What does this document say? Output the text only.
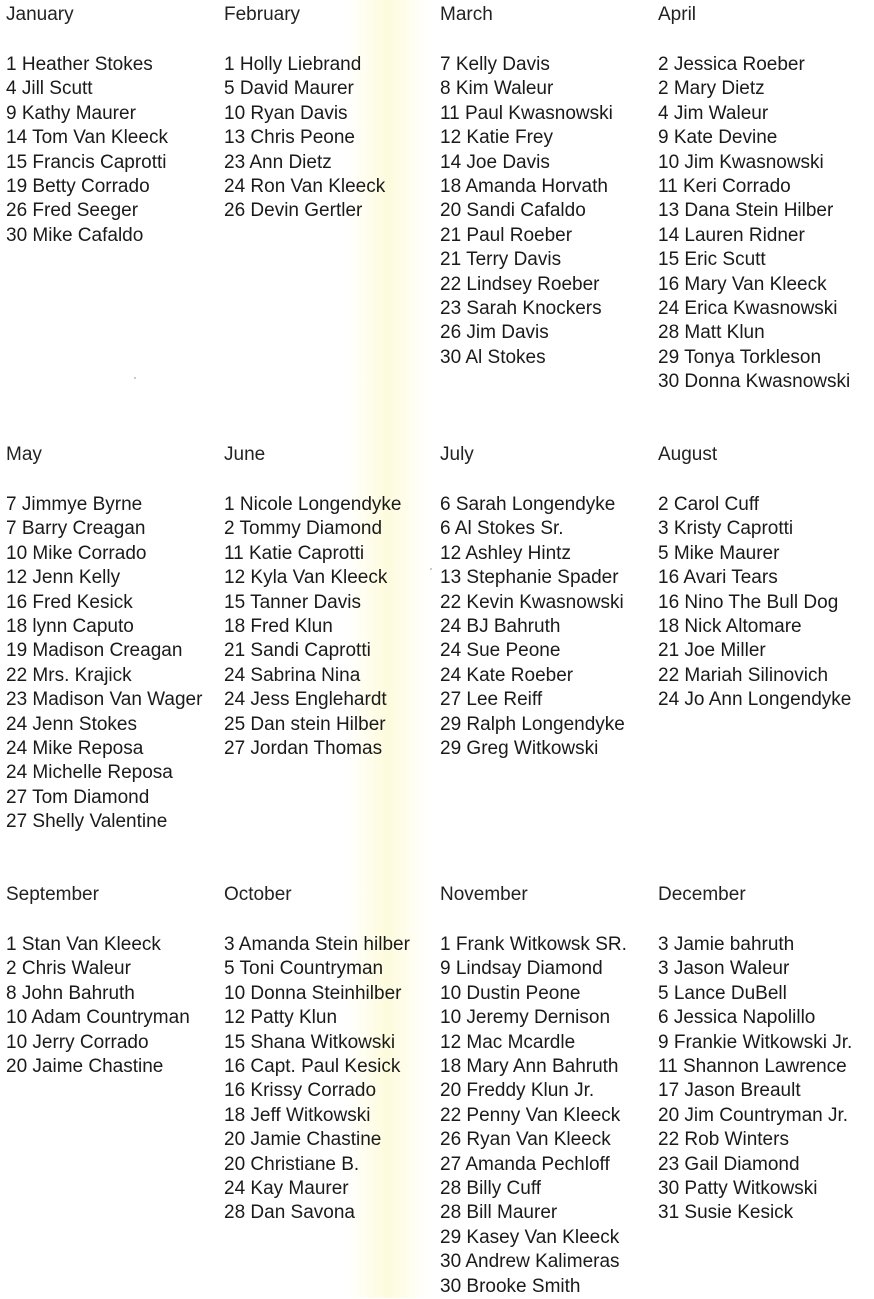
January
1 Heather Stokes
4 Jill Scutt
9 Kathy Maurer
14 Tom Van Kleeck
15 Francis Caprotti
19 Betty Corrado
26 Fred Seeger
30 Mike Cafaldo
February
1 Holly Liebrand
5 David Maurer
10 Ryan Davis
13 Chris Peone
23 Ann Dietz
24 Ron Van Kleeck
26 Devin Gertler
March
7 Kelly Davis
8 Kim Waleur
11 Paul Kwasnowski
12 Katie Frey
14 Joe Davis
18 Amanda Horvath
20 Sandi Cafaldo
21 Paul Roeber
21 Terry Davis
22 Lindsey Roeber
23 Sarah Knockers
26 Jim Davis
30 Al Stokes
April
2 Jessica Roeber
2 Mary Dietz
4 Jim Waleur
9 Kate Devine
10 Jim Kwasnowski
11 Keri Corrado
13 Dana Stein Hilber
14 Lauren Ridner
15 Eric Scutt
16 Mary Van Kleeck
24 Erica Kwasnowski
28 Matt Klun
29 Tonya Torkleson
30 Donna Kwasnowski
May
7 Jimmye Byrne
7 Barry Creagan
10 Mike Corrado
12 Jenn Kelly
16 Fred Kesick
18 lynn Caputo
19 Madison Creagan
22 Mrs. Krajick
23 Madison Van Wager
24 Jenn Stokes
24 Mike Reposa
24 Michelle Reposa
27 Tom Diamond
27 Shelly Valentine
June
1 Nicole Longendyke
2 Tommy Diamond
11 Katie Caprotti
12 Kyla Van Kleeck
15 Tanner Davis
18 Fred Klun
21 Sandi Caprotti
24 Sabrina Nina
24 Jess Englehardt
25 Dan stein Hilber
27 Jordan Thomas
July
6 Sarah Longendyke
6 Al Stokes Sr.
12 Ashley Hintz
13 Stephanie Spader
22 Kevin Kwasnowski
24 BJ Bahruth
24 Sue Peone
24 Kate Roeber
27 Lee Reiff
29 Ralph Longendyke
29 Greg Witkowski
August
2 Carol Cuff
3 Kristy Caprotti
5 Mike Maurer
16 Avari Tears
16 Nino The Bull Dog
18 Nick Altomare
21 Joe Miller
22 Mariah Silinovich
24 Jo Ann Longendyke
September
1 Stan Van Kleeck
2 Chris Waleur
8 John Bahruth
10 Adam Countryman
10 Jerry Corrado
20 Jaime Chastine
October
3 Amanda Stein hilber
5 Toni Countryman
10 Donna Steinhilber
12 Patty Klun
15 Shana Witkowski
16 Capt. Paul Kesick
16 Krissy Corrado
18 Jeff Witkowski
20 Jamie Chastine
20 Christiane B.
24 Kay Maurer
28 Dan Savona
November
1 Frank Witkowsk SR.
9 Lindsay Diamond
10 Dustin Peone
10 Jeremy Dernison
12 Mac Mcardle
18 Mary Ann Bahruth
20 Freddy Klun Jr.
22 Penny Van Kleeck
26 Ryan Van Kleeck
27 Amanda Pechloff
28 Billy Cuff
28 Bill Maurer
29 Kasey Van Kleeck
30 Andrew Kalimeras
30 Brooke Smith
December
3 Jamie bahruth
3 Jason Waleur
5 Lance DuBell
6 Jessica Napolillo
9 Frankie Witkowski Jr.
11 Shannon Lawrence
17 Jason Breault
20 Jim Countryman Jr.
22 Rob Winters
23 Gail Diamond
30 Patty Witkowski
31 Susie Kesick
